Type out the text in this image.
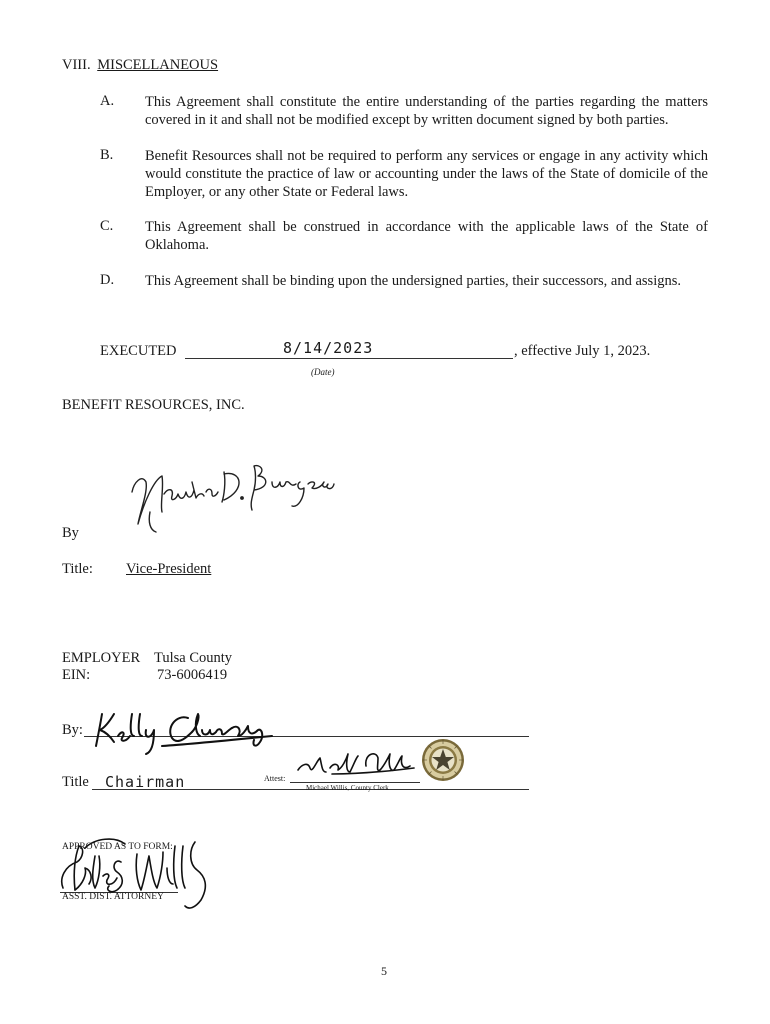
VIII. MISCELLANEOUS
A. This Agreement shall constitute the entire understanding of the parties regarding the matters covered in it and shall not be modified except by written document signed by both parties.
B. Benefit Resources shall not be required to perform any services or engage in any activity which would constitute the practice of law or accounting under the laws of the State of domicile of the Employer, or any other State or Federal laws.
C. This Agreement shall be construed in accordance with the applicable laws of the State of Oklahoma.
D. This Agreement shall be binding upon the undersigned parties, their successors, and assigns.
EXECUTED	8/14/2023	, effective July 1, 2023.
(Date)
BENEFIT RESOURCES, INC.
By
Title: Vice-President
EMPLOYER Tulsa County
EIN:	73-6006419
By:
Title Chairman	Attest:
Michael Willis, County Clerk
APPROVED AS TO FORM:
ASST. DIST. ATTORNEY
5
